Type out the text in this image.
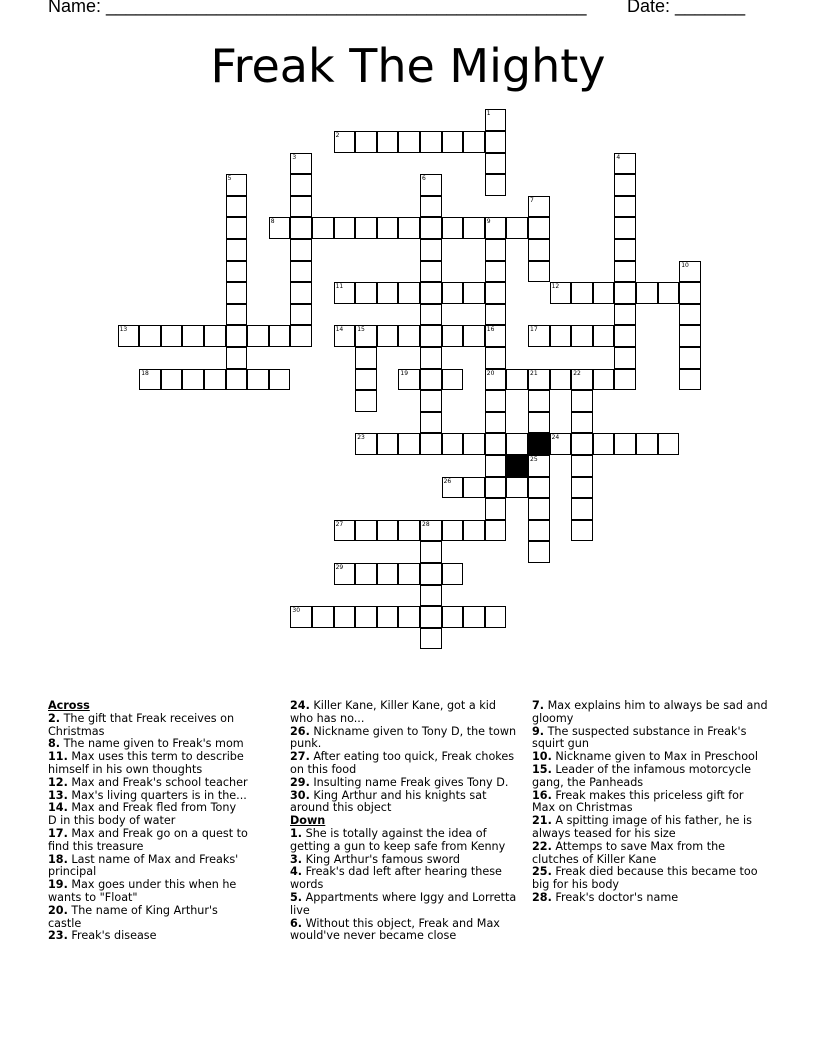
Name: ________________________________________________ Date: _______
Freak The Mighty
2
8	9
11	12
13	14 15	16	17
18	19	20	21	22
23	24
26
27	28
29
30
1
3	4
5	6
7
10
25
Across
2. The gift that Freak receives on Christmas
8. The name given to Freak's mom
11. Max uses this term to describe himself in his own thoughts
12. Max and Freak's school teacher
13. Max's living quarters is in the...
14. Max and Freak fled from Tony D in this body of water
17. Max and Freak go on a quest to find this treasure
18. Last name of Max and Freaks' principal
19. Max goes under this when he wants to "Float"
20. The name of King Arthur's castle
23. Freak's disease
24. Killer Kane, Killer Kane, got a kid who has no...
26. Nickname given to Tony D, the town punk.
27. After eating too quick, Freak chokes on this food
29. Insulting name Freak gives Tony D.
30. King Arthur and his knights sat around this object
Down
1. She is totally against the idea of getting a gun to keep safe from Kenny
3. King Arthur's famous sword
4. Freak's dad left after hearing these words
5. Appartments where Iggy and Lorretta live
6. Without this object, Freak and Max would've never became close
7. Max explains him to always be sad and gloomy
9. The suspected substance in Freak's squirt gun
10. Nickname given to Max in Preschool
15. Leader of the infamous motorcycle gang, the Panheads
16. Freak makes this priceless gift for Max on Christmas
21. A spitting image of his father, he is always teased for his size
22. Attemps to save Max from the clutches of Killer Kane
25. Freak died because this became too big for his body
28. Freak's doctor's name
